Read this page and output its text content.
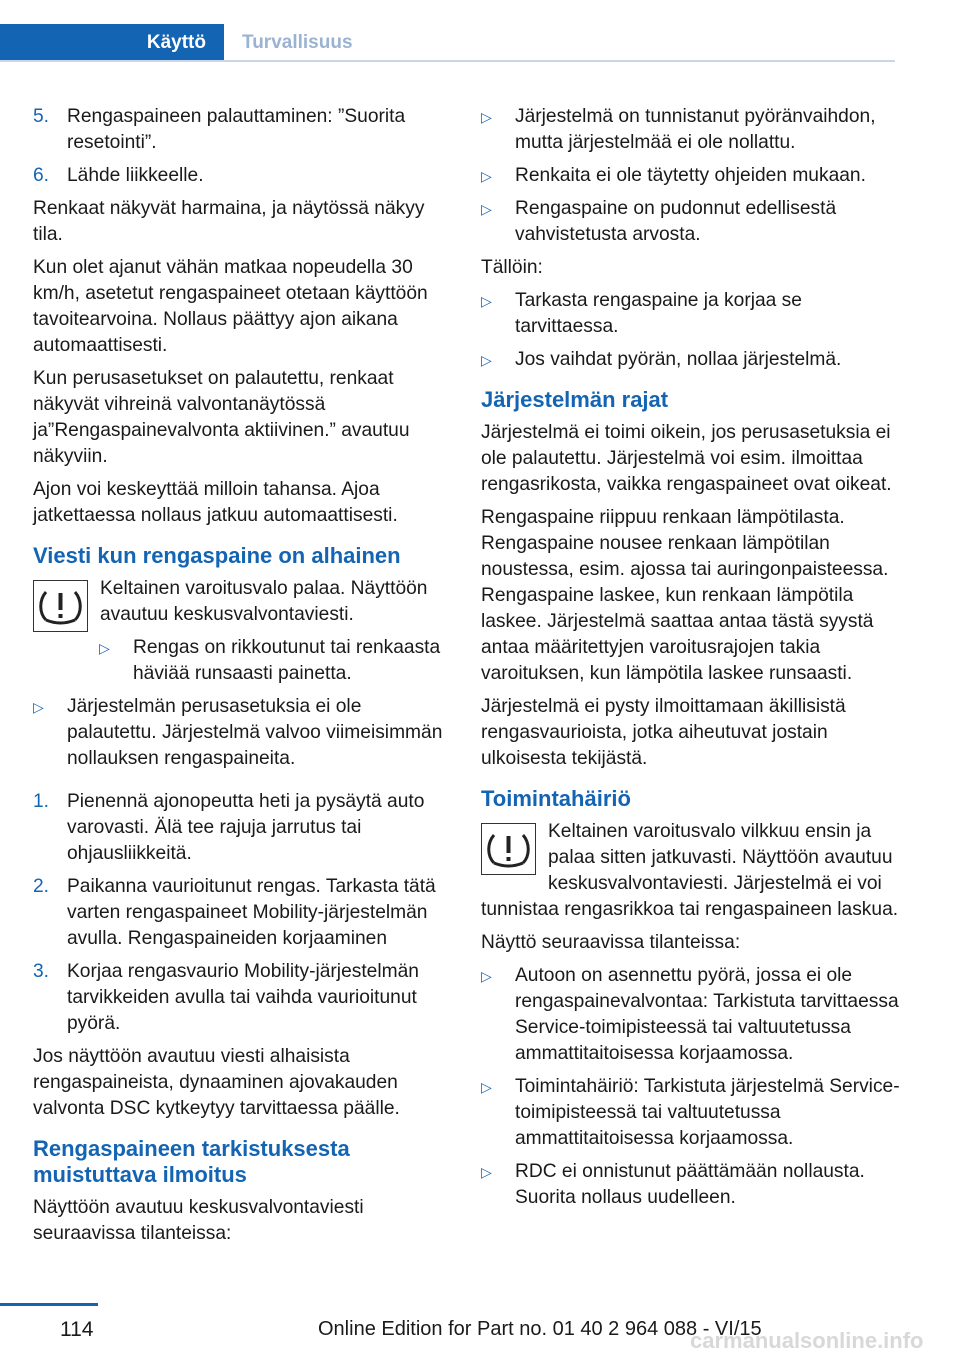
Käyttö	Turvallisuus
5. Rengaspaineen palauttaminen: ”Suorita resetointi”.
6. Lähde liikkeelle.

Renkaat näkyvät harmaina, ja näytössä näkyy tila.

Kun olet ajanut vähän matkaa nopeudella 30 km/h, asetetut rengaspaineet otetaan käyttöön tavoitearvoina. Nollaus päättyy ajon aikana automaattisesti.

Kun perusasetukset on palautettu, renkaat näkyvät vihreinä valvontanäytössä ja”Rengaspainevalvonta aktiivinen.” avautuu näkyviin.

Ajon voi keskeyttää milloin tahansa. Ajoa jatkettaessa nollaus jatkuu automaattisesti.

Viesti kun rengaspaine on alhainen

Keltainen varoitusvalo palaa. Näyttöön avautuu keskusvalvontaviesti.

▷ Rengas on rikkoutunut tai renkaasta häviää runsaasti painetta.
▷ Järjestelmän perusasetuksia ei ole palautettu. Järjestelmä valvoo viimeisimmän nollauksen rengaspaineita.
1. Pienennä ajonopeutta heti ja pysäytä auto varovasti. Älä tee rajuja jarrutus tai ohjausliikkeitä.
2. Paikanna vaurioitunut rengas. Tarkasta tätä varten rengaspaineet Mobility-järjestelmän avulla. Rengaspaineiden korjaaminen
3. Korjaa rengasvaurio Mobility-järjestelmän tarvikkeiden avulla tai vaihda vaurioitunut pyörä.

Jos näyttöön avautuu viesti alhaisista rengaspaineista, dynaaminen ajovakauden valvonta DSC kytkeytyy tarvittaessa päälle.

Rengaspaineen tarkistuksesta muistuttava ilmoitus

Näyttöön avautuu keskusvalvontaviesti seuraavissa tilanteissa:

▷ Järjestelmä on tunnistanut pyöränvaihdon, mutta järjestelmää ei ole nollattu.
▷ Renkaita ei ole täytetty ohjeiden mukaan.
▷ Rengaspaine on pudonnut edellisestä vahvistetusta arvosta.

Tällöin:

▷ Tarkasta rengaspaine ja korjaa se tarvittaessa.
▷ Jos vaihdat pyörän, nollaa järjestelmä.
Järjestelmän rajat

Järjestelmä ei toimi oikein, jos perusasetuksia ei ole palautettu. Järjestelmä voi esim. ilmoittaa rengasrikosta, vaikka rengaspaineet ovat oikeat.

Rengaspaine riippuu renkaan lämpötilasta. Rengaspaine nousee renkaan lämpötilan noustessa, esim. ajossa tai auringonpaisteessa. Rengaspaine laskee, kun renkaan lämpötila laskee. Järjestelmä saattaa antaa tästä syystä antaa määritettyjen varoitusrajojen takia varoituksen, kun lämpötila laskee runsaasti.

Järjestelmä ei pysty ilmoittamaan äkillisistä rengasvaurioista, jotka aiheutuvat jostain ulkoisesta tekijästä.

Toimintahäiriö

Keltainen varoitusvalo vilkkuu ensin ja palaa sitten jatkuvasti. Näyttöön avautuu keskusvalvontaviesti. Järjestelmä ei voi tunnistaa rengasrikkoa tai rengaspaineen laskua.

Näyttö seuraavissa tilanteissa:

▷ Autoon on asennettu pyörä, jossa ei ole rengaspainevalvontaa: Tarkistuta tarvittaessa Service-toimipisteessä tai valtuutetussa ammattitaitoisessa korjaamossa.
▷ Toimintahäiriö: Tarkistuta järjestelmä Service-toimipisteessä tai valtuutetussa ammattitaitoisessa korjaamossa.
▷ RDC ei onnistunut päättämään nollausta. Suorita nollaus uudelleen.
114	Online Edition for Part no. 01 40 2 964 088 - VI/15
carmanualsonline.info
